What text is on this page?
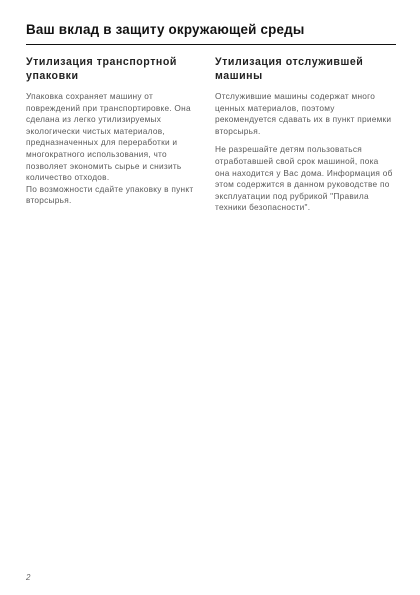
Ваш вклад в защиту окружающей среды
Утилизация транспортной упаковки

Упаковка сохраняет машину от повреждений при транспортировке. Она сделана из легко утилизируемых экологически чистых материалов, предназначенных для переработки и многократного использования, что позволяет экономить сырье и снизить количество отходов.

По возможности сдайте упаковку в пункт вторсырья.

Утилизация отслужившей машины

Отслужившие машины содержат много ценных материалов, поэтому рекомендуется сдавать их в пункт приемки вторсырья.

Не разрешайте детям пользоваться отработавшей свой срок машиной, пока она находится у Вас дома. Информация об этом содержится в данном руководстве по эксплуатации под рубрикой "Правила техники безопасности".

2
